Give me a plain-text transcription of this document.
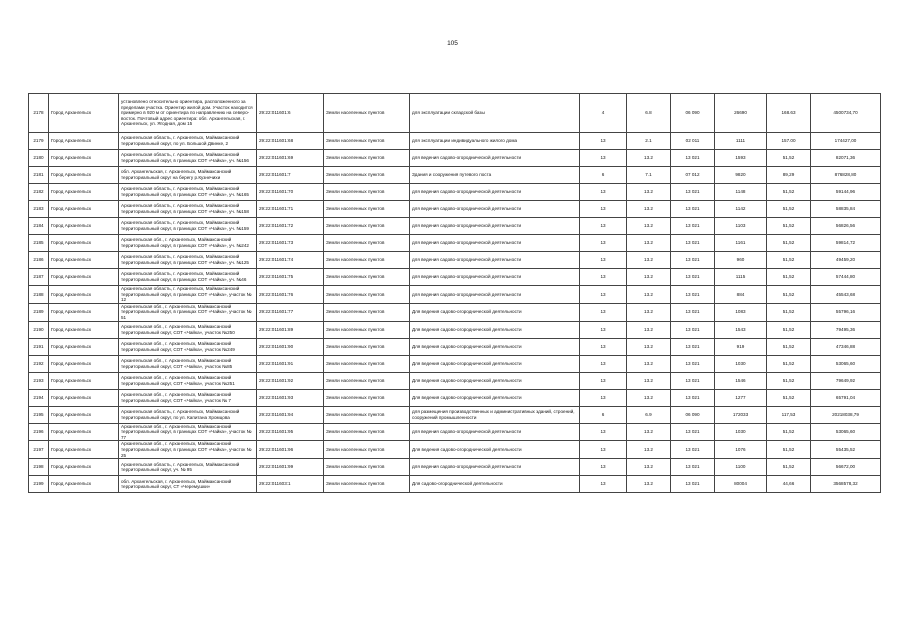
105
2178	Город Архангельск	установлено относительно ориентира, расположенного за пределами участка. Ориентир жилой дом. Участок находится примерно в 920 м от ориентира по направлению на северо-восток. Почтовый адрес ориентира: обл. Архангельская, г. Архангельск, ул. Ягодная, дом 15	29:22:011601:6	Земли населенных пунктов	для эксплуатации складской базы	4	6.8	06 090	26690	168.63	4500734,70
2179	Город Архангельск	Архангельская область, г. Архангельск, Маймаксанский территориальный округ, по ул. Большой Двинке, 2	29:22:011601:68	Земли населенных пунктов	для эксплуатации индивидуального жилого дома	13	2.1	02 011	1111	157.00	174427,00
2180	Город Архангельск	Архангельская область, г. Архангельск, Маймаксанский территориальный округ, в границах СОТ «Чайка», уч. №156	29:22:011601:69	Земли населенных пунктов	для ведения садово-огороднической деятельности	13	13.2	13 021	1593	51,52	82071,36
2181	Город Архангельск	обл. Архангельская, г. Архангельск, Маймаксанский территориальный округ на берегу р.Кузнечихи	29:22:011601:7	Земли населенных пунктов	Здания и сооружения путевого поста	6	7.1	07 012	9820	89,29	876828,80
2182	Город Архангельск	Архангельская область, г. Архангельск, Маймаксанский территориальный округ, в границах СОТ «Чайка», уч. №165	29:22:011601:70	Земли населенных пунктов	для ведения садово-огороднической деятельности	13	13.2	13 021	1148	51,52	59144,96
2183	Город Архангельск	Архангельская область, г. Архангельск, Маймаксанский территориальный округ, в границах СОТ «Чайка», уч. №158	29:22:011601:71	Земли населенных пунктов	для ведения садово-огороднической деятельности	13	13.2	13 021	1142	51,52	58835,84
2184	Город Архангельск	Архангельская область, г. Архангельск, Маймаксанский территориальный округ, в границах СОТ «Чайка», уч. №159	29:22:011601:72	Земли населенных пунктов	для ведения садово-огороднической деятельности	13	13.2	13 021	1103	51,52	56826,56
2185	Город Архангельск	Архангельская обл., г. Архангельск, Маймаксанский территориальный округ, в границах СОТ «Чайка», уч. №242	29:22:011601:73	Земли населенных пунктов	для ведения садово-огороднической деятельности	13	13.2	13 021	1161	51,52	59814,72
2186	Город Архангельск	Архангельская область, г. Архангельск, Маймаксанский территориальный округ, в границах СОТ «Чайка», уч. №125	29:22:011601:74	Земли населенных пунктов	для ведения садово-огороднической деятельности	13	13.2	13 021	960	51,52	49459,20
2187	Город Архангельск	Архангельская область, г. Архангельск, Маймаксанский территориальный округ, в границах СОТ «Чайка», уч. №46	29:22:011601:75	Земли населенных пунктов	для ведения садово-огороднической деятельности	13	13.2	13 021	1115	51,52	57444,80
2188	Город Архангельск	Архангельская область, г. Архангельск, Маймаксанский территориальный округ, в границах СОТ «Чайка», участок № 12	29:22:011601:76	Земли населенных пунктов	для ведения садово-огороднической деятельности	13	13.2	13 021	884	51,52	45543,68
2189	Город Архангельск	Архангельская обл., г. Архангельск, Маймаксанский территориальный округ, в границах СОТ «Чайка», участок № 51	29:22:011601:77	Земли населенных пунктов	Для ведения садово-огороднической деятельности	13	13.2	13 021	1083	51,52	55796,16
2190	Город Архангельск	Архангельская обл., г. Архангельск, Маймаксанский территориальный округ, СОТ «Чайка», участок №250	29:22:011601:89	Земли населенных пунктов	Для ведения садово-огороднической деятельности	13	13.2	13 021	1543	51,52	79495,36
2191	Город Архангельск	Архангельская обл., г. Архангельск, Маймаксанский территориальный округ, СОТ «Чайка», участок №249	29:22:011601:90	Земли населенных пунктов	Для ведения садово-огороднической деятельности	13	13.2	13 021	919	51,52	47346,88
2192	Город Архангельск	Архангельская обл., г. Архангельск, Маймаксанский территориальный округ, СОТ «Чайка», участок №85	29:22:011601:91	Земли населенных пунктов	Для ведения садово-огороднической деятельности	13	13.2	13 021	1030	51,52	53065,60
2193	Город Архангельск	Архангельская обл., г. Архангельск, Маймаксанский территориальный округ, СОТ «Чайка», участок №251	29:22:011601:92	Земли населенных пунктов	Для ведения садово-огороднической деятельности	13	13.2	13 021	1546	51,52	79649,92
2194	Город Архангельск	Архангельская обл., г. Архангельск, Маймаксанский территориальный округ, СОТ «Чайка», участок № 7	29:22:011601:93	Земли населенных пунктов	Для ведения садово-огороднической деятельности	13	13.2	13 021	1277	51,52	65791,04
2195	Город Архангельск	Архангельская область, г. Архангельск, Маймаксанский территориальный округ, по ул. Капитана Хромцова	29:22:011601:94	Земли населенных пунктов	для размещения производственных и административных зданий, строений, сооружений промышленности	6	6.9	06 090	172033	117,53	20218038,79
2196	Город Архангельск	Архангельская обл., г. Архангельск, Маймаксанский территориальный округ, в границах СОТ «Чайка», участок № 77	29:22:011601:95	Земли населенных пунктов	для ведения садово-огороднической деятельности	13	13.2	13 021	1030	51,52	53065,60
2197	Город Архангельск	Архангельская обл., г. Архангельск, Маймаксанский территориальный округ, в границах СОТ «Чайка», участок № 25	29:22:011601:96	Земли населенных пунктов	Для ведения садово-огороднической деятельности	13	13.2	13 021	1076	51,52	55435,52
2198	Город Архангельск	Архангельская область, г. Архангельск, Маймаксанский территориальный округ, уч. № 95	29:22:011601:99	Земли населенных пунктов	для ведения садово-огороднической деятельности	13	13.2	13 021	1100	51,52	56672,00
2199	Город Архангельск	обл. Архангельская, г. Архангельск, Маймаксанский территориальный округ, СТ «Черемушки»	29:22:011603:1	Земли населенных пунктов	Для садово-огороднической деятельности	13	13.2	13 021	80004	44,66	3568578,32
